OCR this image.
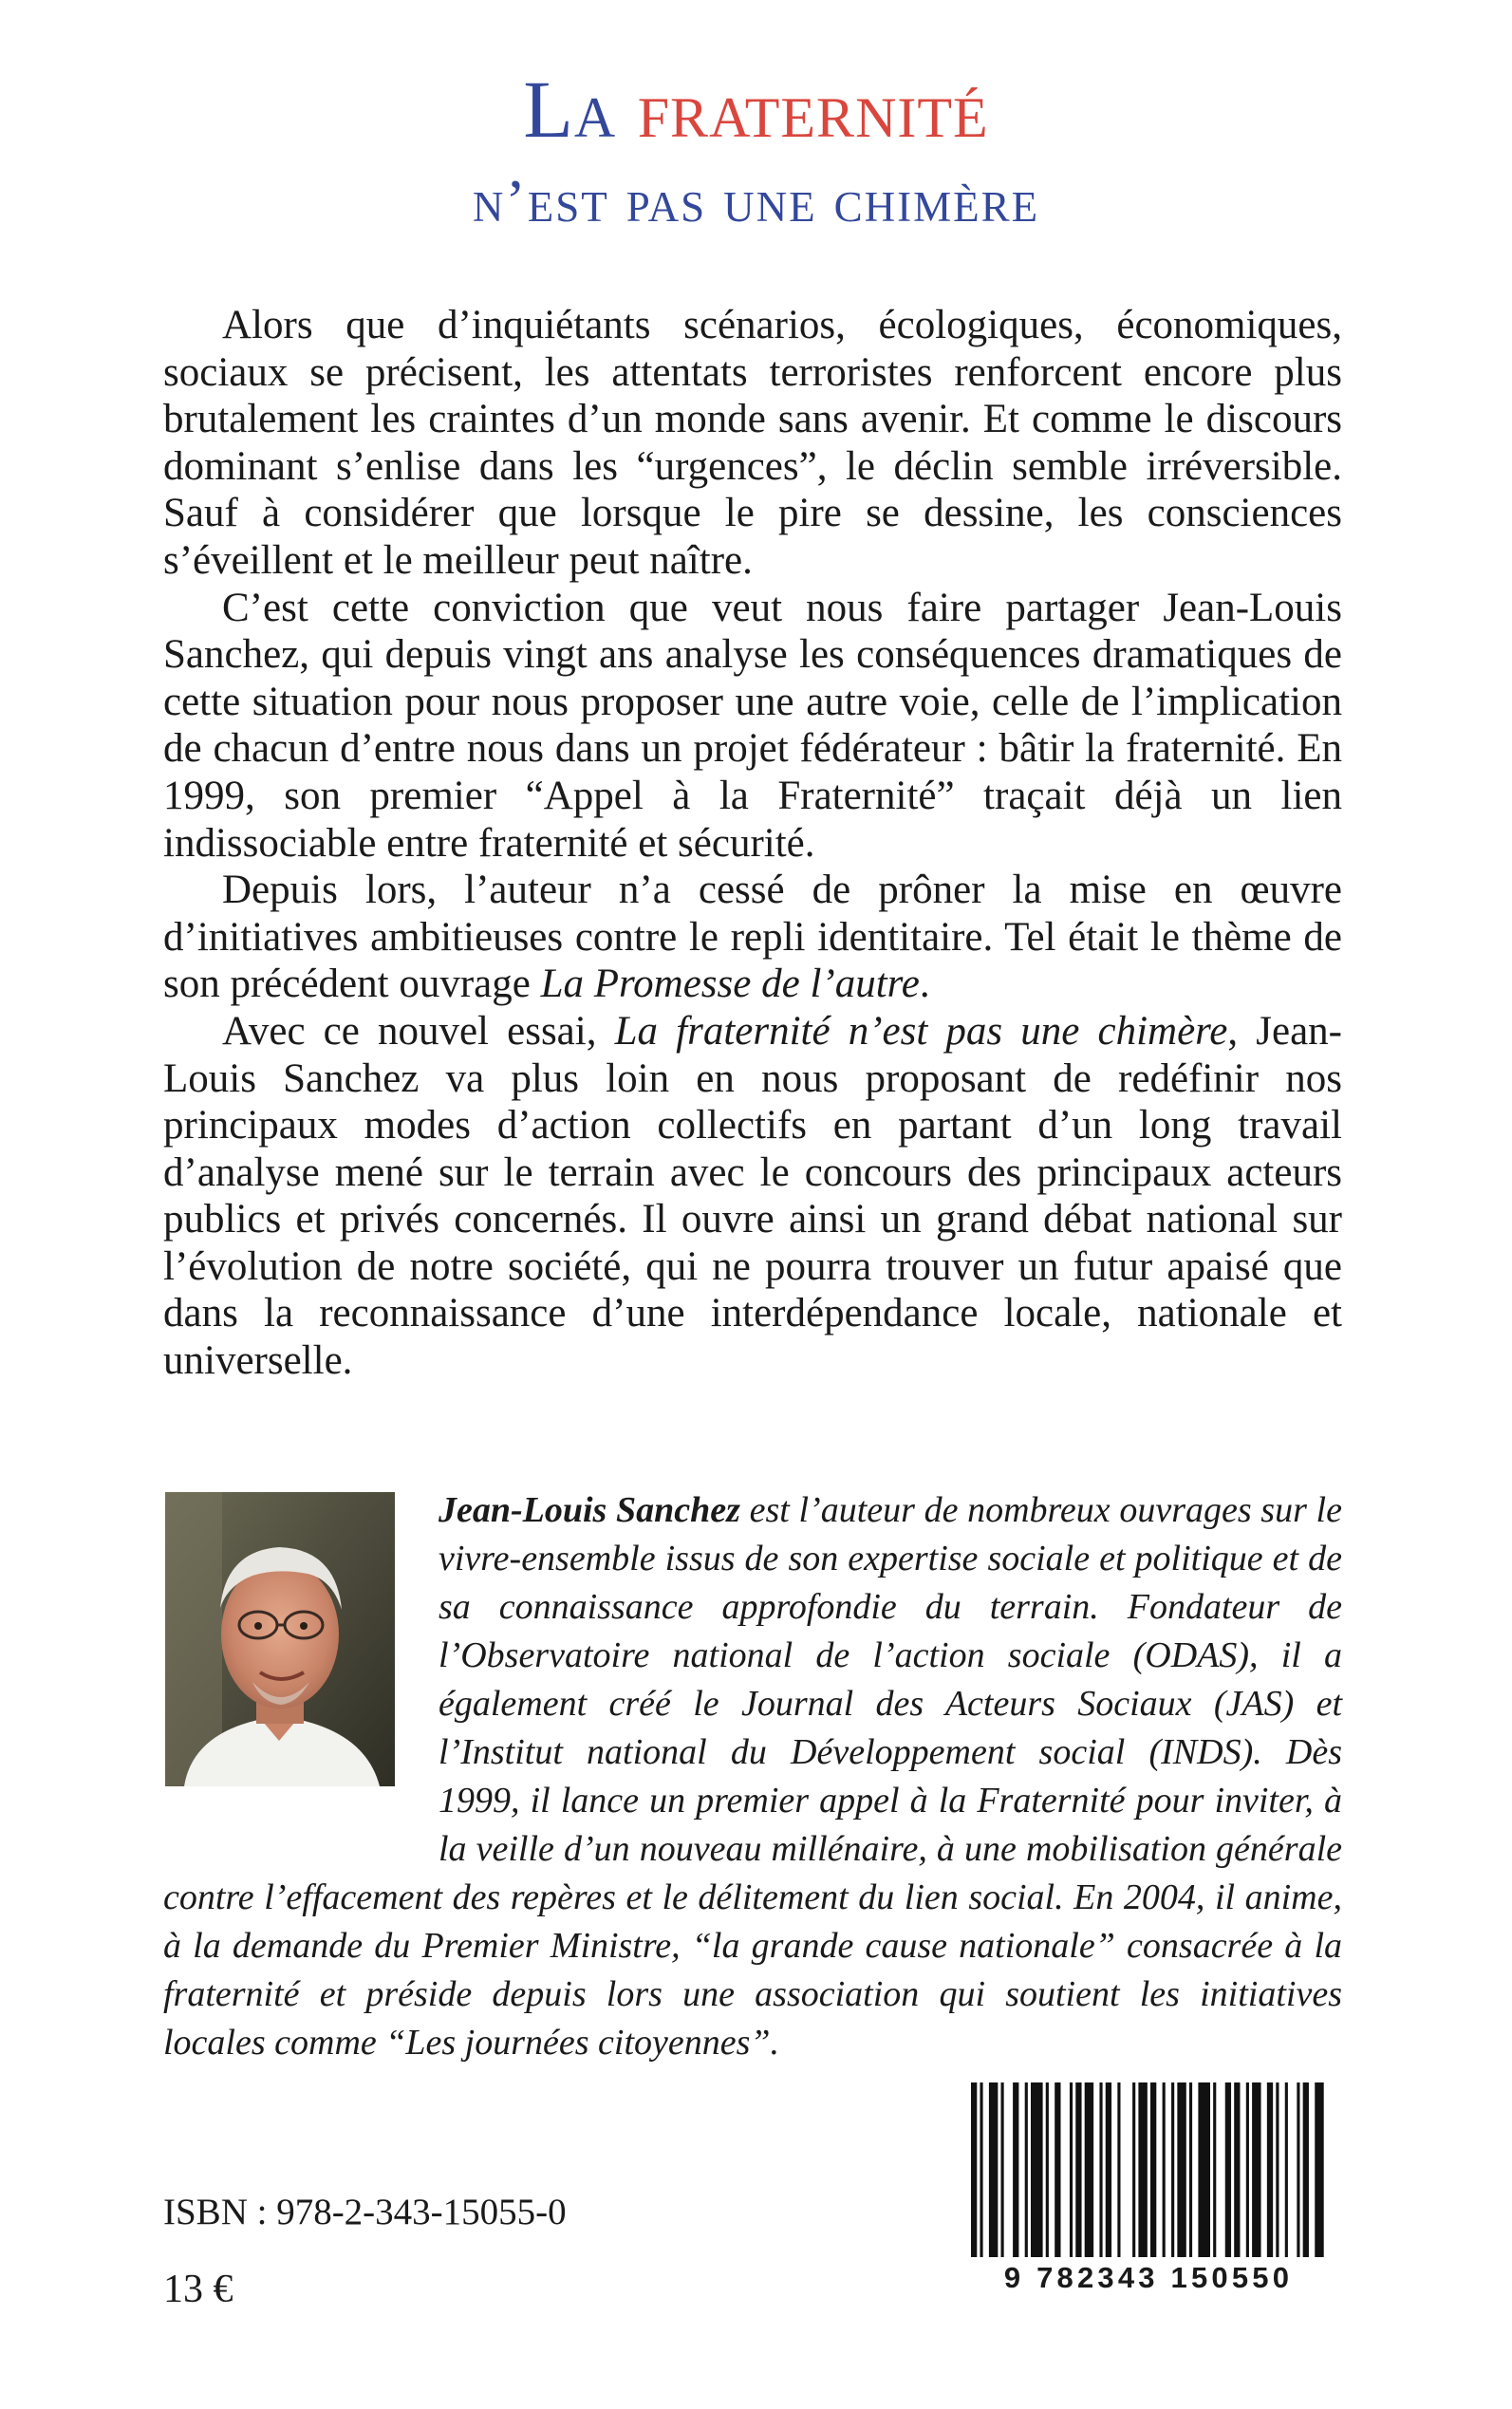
La fraternité
n’est pas une chimère

Alors que d’inquiétants scénarios, écologiques, économiques, sociaux se précisent, les attentats terroristes renforcent encore plus brutalement les craintes d’un monde sans avenir. Et comme le discours dominant s’enlise dans les “urgences”, le déclin semble irréversible. Sauf à considérer que lorsque le pire se dessine, les consciences s’éveillent et le meilleur peut naître.

C’est cette conviction que veut nous faire partager Jean-Louis Sanchez, qui depuis vingt ans analyse les conséquences dramatiques de cette situation pour nous proposer une autre voie, celle de l’implication de chacun d’entre nous dans un projet fédérateur : bâtir la fraternité. En 1999, son premier “Appel à la Fraternité” traçait déjà un lien indissociable entre fraternité et sécurité.

Depuis lors, l’auteur n’a cessé de prôner la mise en œuvre d’initiatives ambitieuses contre le repli identitaire. Tel était le thème de son précédent ouvrage La Promesse de l’autre.

Avec ce nouvel essai, La fraternité n’est pas une chimère, Jean-Louis Sanchez va plus loin en nous proposant de redéfinir nos principaux modes d’action collectifs en partant d’un long travail d’analyse mené sur le terrain avec le concours des principaux acteurs publics et privés concernés. Il ouvre ainsi un grand débat national sur l’évolution de notre société, qui ne pourra trouver un futur apaisé que dans la reconnaissance d’une interdépendance locale, nationale et universelle.

Jean-Louis Sanchez est l’auteur de nombreux ouvrages sur le vivre-ensemble issus de son expertise sociale et politique et de sa connaissance approfondie du terrain. Fondateur de l’Observatoire national de l’action sociale (ODAS), il a également créé le Journal des Acteurs Sociaux (JAS) et l’Institut national du Développement social (INDS). Dès 1999, il lance un premier appel à la Fraternité pour inviter, à la veille d’un nouveau millénaire, à une mobilisation générale contre l’effacement des repères et le délitement du lien social. En 2004, il anime, à la demande du Premier Ministre, “la grande cause nationale” consacrée à la fraternité et préside depuis lors une association qui soutient les initiatives locales comme “Les journées citoyennes”.
9 782343 150550
ISBN : 978-2-343-15055-0
13 €
